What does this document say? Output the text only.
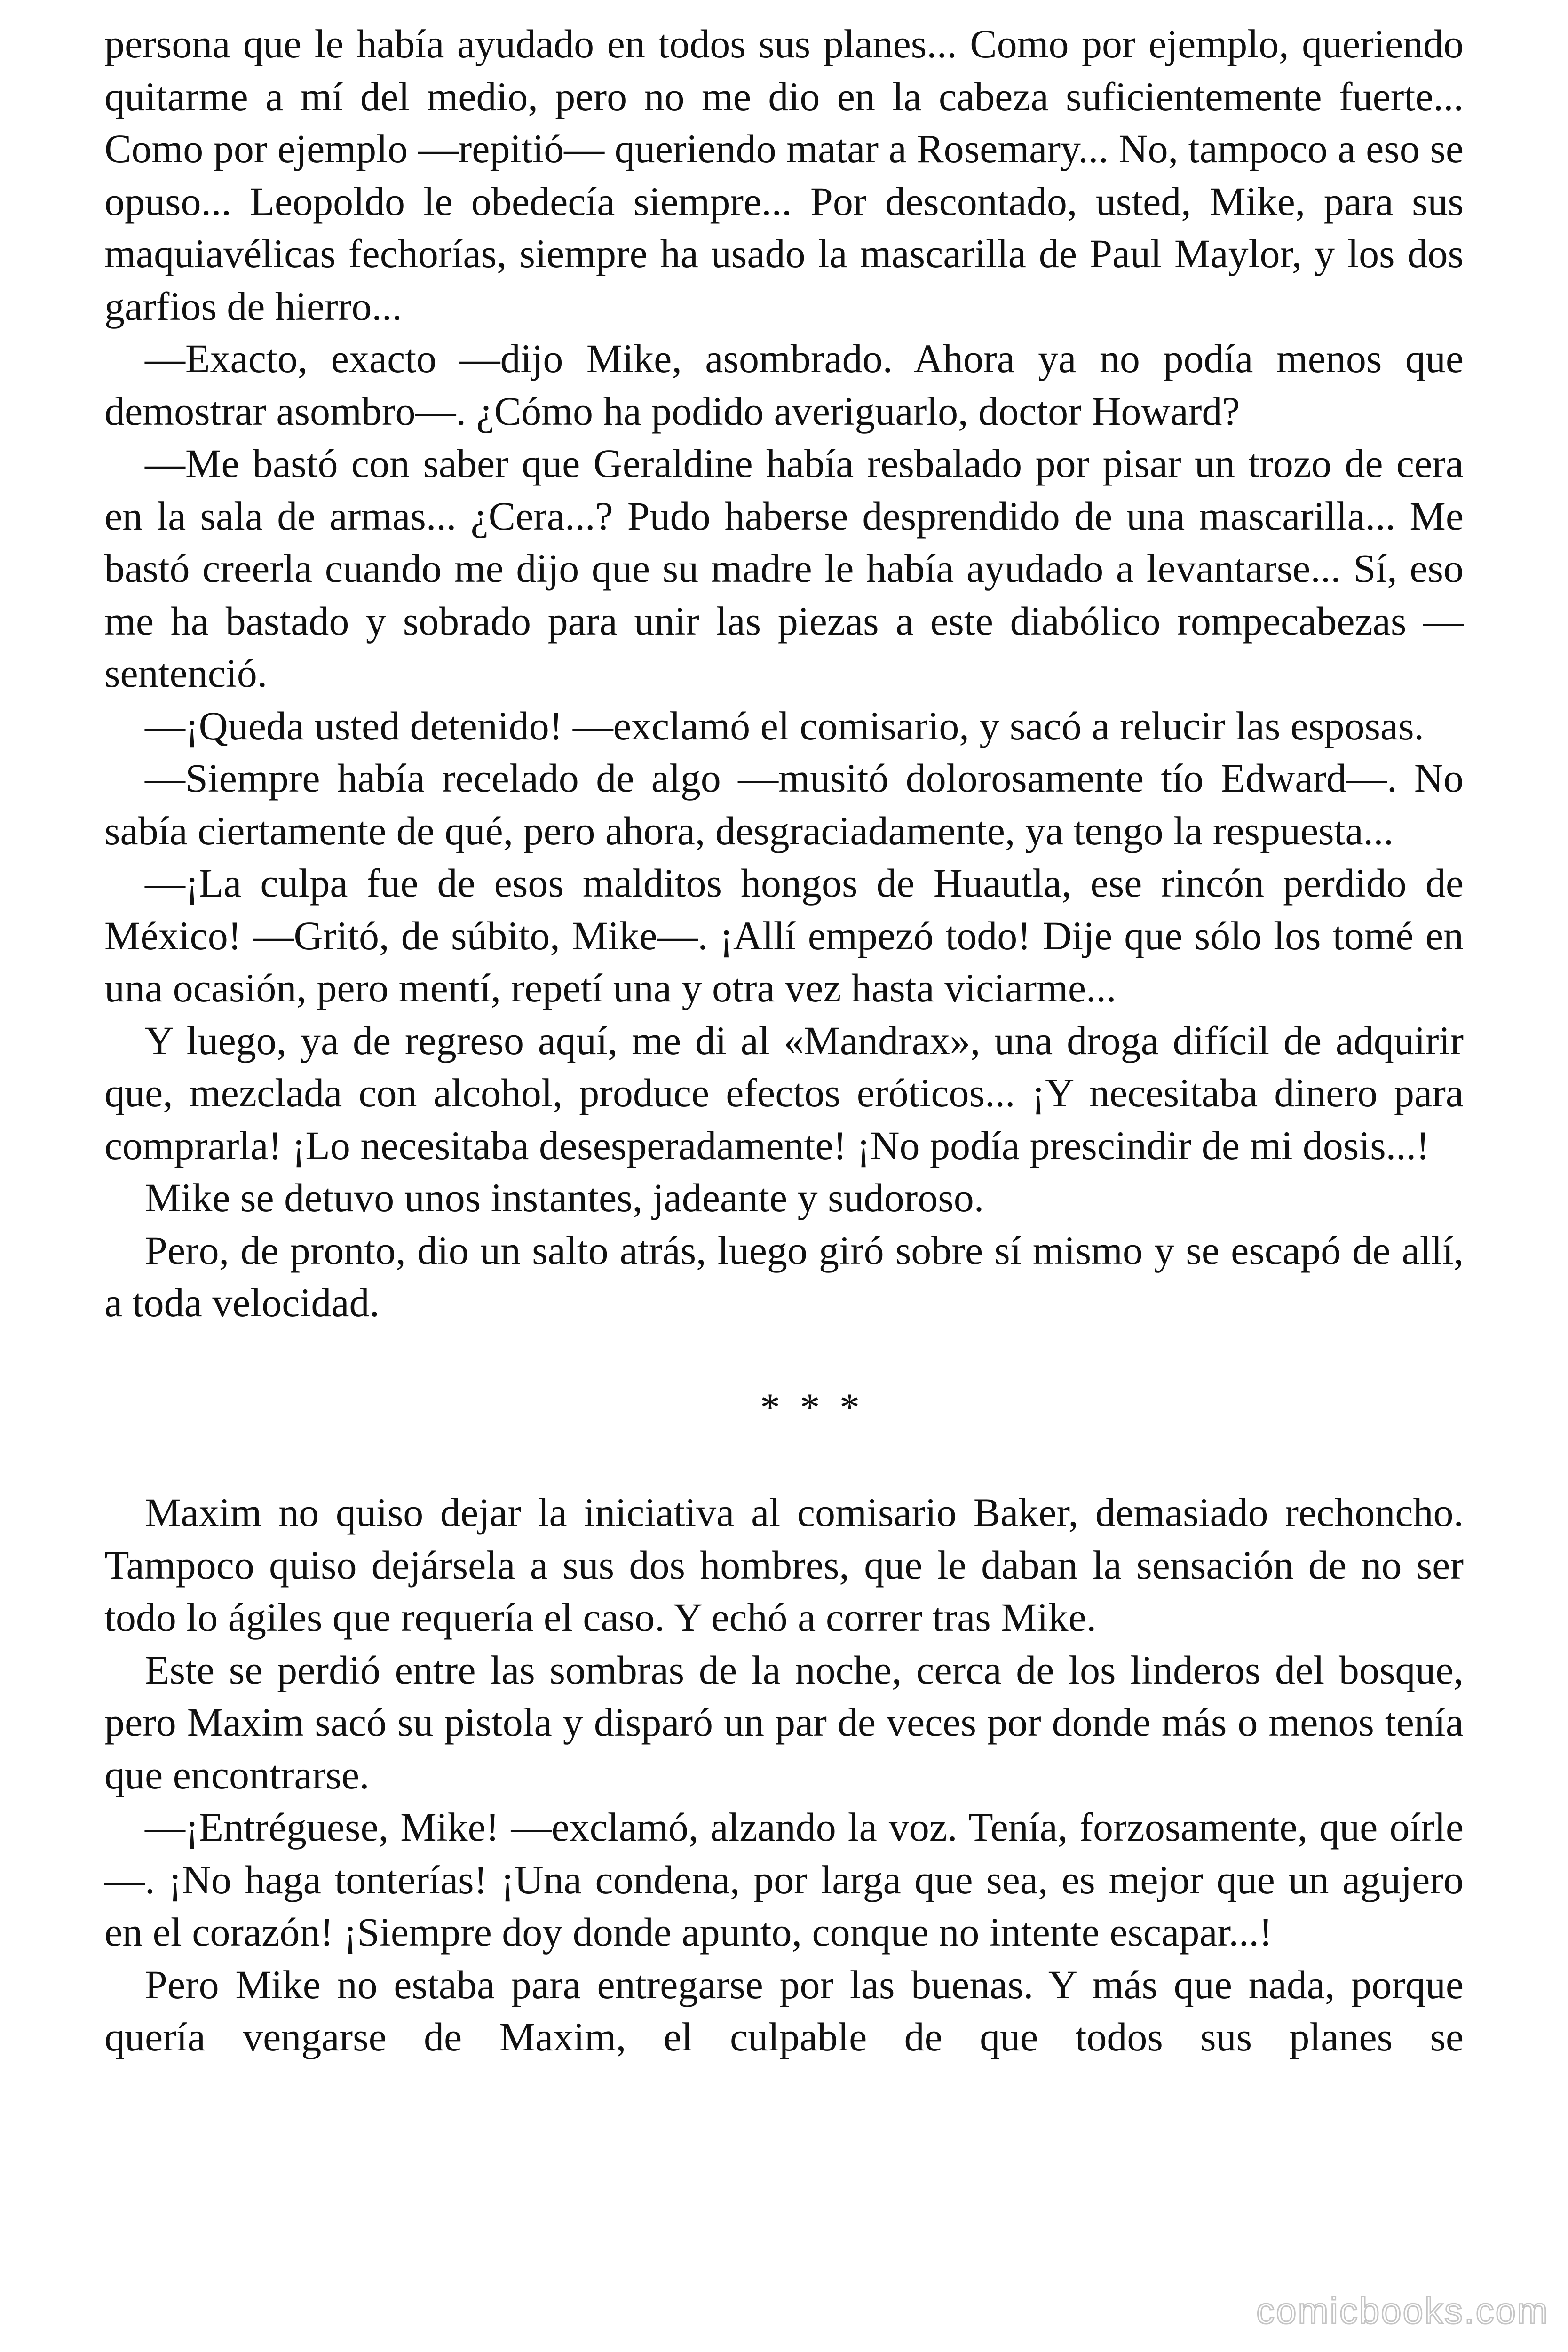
persona que le había ayudado en todos sus planes... Como por ejemplo, queriendo quitarme a mí del medio, pero no me dio en la cabeza suficientemente fuerte... Como por ejemplo —repitió— queriendo matar a Rosemary... No, tampoco a eso se opuso... Leopoldo le obedecía siempre... Por descontado, usted, Mike, para sus maquiavélicas fechorías, siempre ha usado la mascarilla de Paul Maylor, y los dos garfios de hierro...

—Exacto, exacto —dijo Mike, asombrado. Ahora ya no podía menos que demostrar asombro—. ¿Cómo ha podido averiguarlo, doctor Howard?

—Me bastó con saber que Geraldine había resbalado por pisar un trozo de cera en la sala de armas... ¿Cera...? Pudo haberse desprendido de una mascarilla... Me bastó creerla cuando me dijo que su madre le había ayudado a levantarse... Sí, eso me ha bastado y sobrado para unir las piezas a este diabólico rompecabezas —sentenció.

—¡Queda usted detenido! —exclamó el comisario, y sacó a relucir las esposas.

—Siempre había recelado de algo —musitó dolorosamente tío Edward—. No sabía ciertamente de qué, pero ahora, desgraciadamente, ya tengo la respuesta...

—¡La culpa fue de esos malditos hongos de Huautla, ese rincón perdido de México! —Gritó, de súbito, Mike—. ¡Allí empezó todo! Dije que sólo los tomé en una ocasión, pero mentí, repetí una y otra vez hasta viciarme...

Y luego, ya de regreso aquí, me di al «Mandrax», una droga difícil de adquirir que, mezclada con alcohol, produce efectos eróticos... ¡Y necesitaba dinero para comprarla! ¡Lo necesitaba desesperadamente! ¡No podía prescindir de mi dosis...!

Mike se detuvo unos instantes, jadeante y sudoroso.

Pero, de pronto, dio un salto atrás, luego giró sobre sí mismo y se escapó de allí, a toda velocidad.

* * *

Maxim no quiso dejar la iniciativa al comisario Baker, demasiado rechoncho. Tampoco quiso dejársela a sus dos hombres, que le daban la sensación de no ser todo lo ágiles que requería el caso. Y echó a correr tras Mike.

Este se perdió entre las sombras de la noche, cerca de los linderos del bosque, pero Maxim sacó su pistola y disparó un par de veces por donde más o menos tenía que encontrarse.

—¡Entréguese, Mike! —exclamó, alzando la voz. Tenía, forzosamente, que oírle—. ¡No haga tonterías! ¡Una condena, por larga que sea, es mejor que un agujero en el corazón! ¡Siempre doy donde apunto, conque no intente escapar...!

Pero Mike no estaba para entregarse por las buenas. Y más que nada, porque quería vengarse de Maxim, el culpable de que todos sus planes se

comicbooks.com
